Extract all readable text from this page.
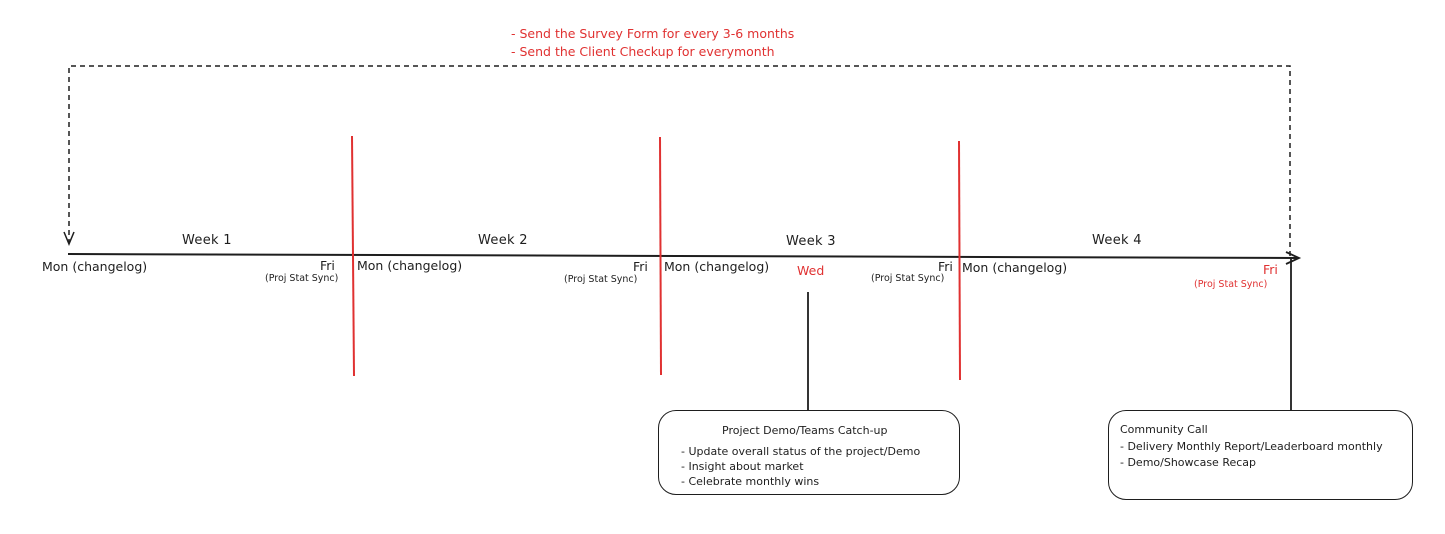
- Send the Survey Form for every 3-6 months
- Send the Client Checkup for everymonth
Week 1	Week 2	Week 3	Week 4
Mon (changelog)	Mon (changelog)	Mon (changelog)	Mon (changelog)
Fri
(Proj Stat Sync)
Fri
(Proj Stat Sync)
Fri
(Proj Stat Sync)
Fri
(Proj Stat Sync)
Wed
Project Demo/Teams Catch-up
- Update overall status of the project/Demo
- Insight about market
- Celebrate monthly wins
Community Call
- Delivery Monthly Report/Leaderboard monthly
- Demo/Showcase Recap
